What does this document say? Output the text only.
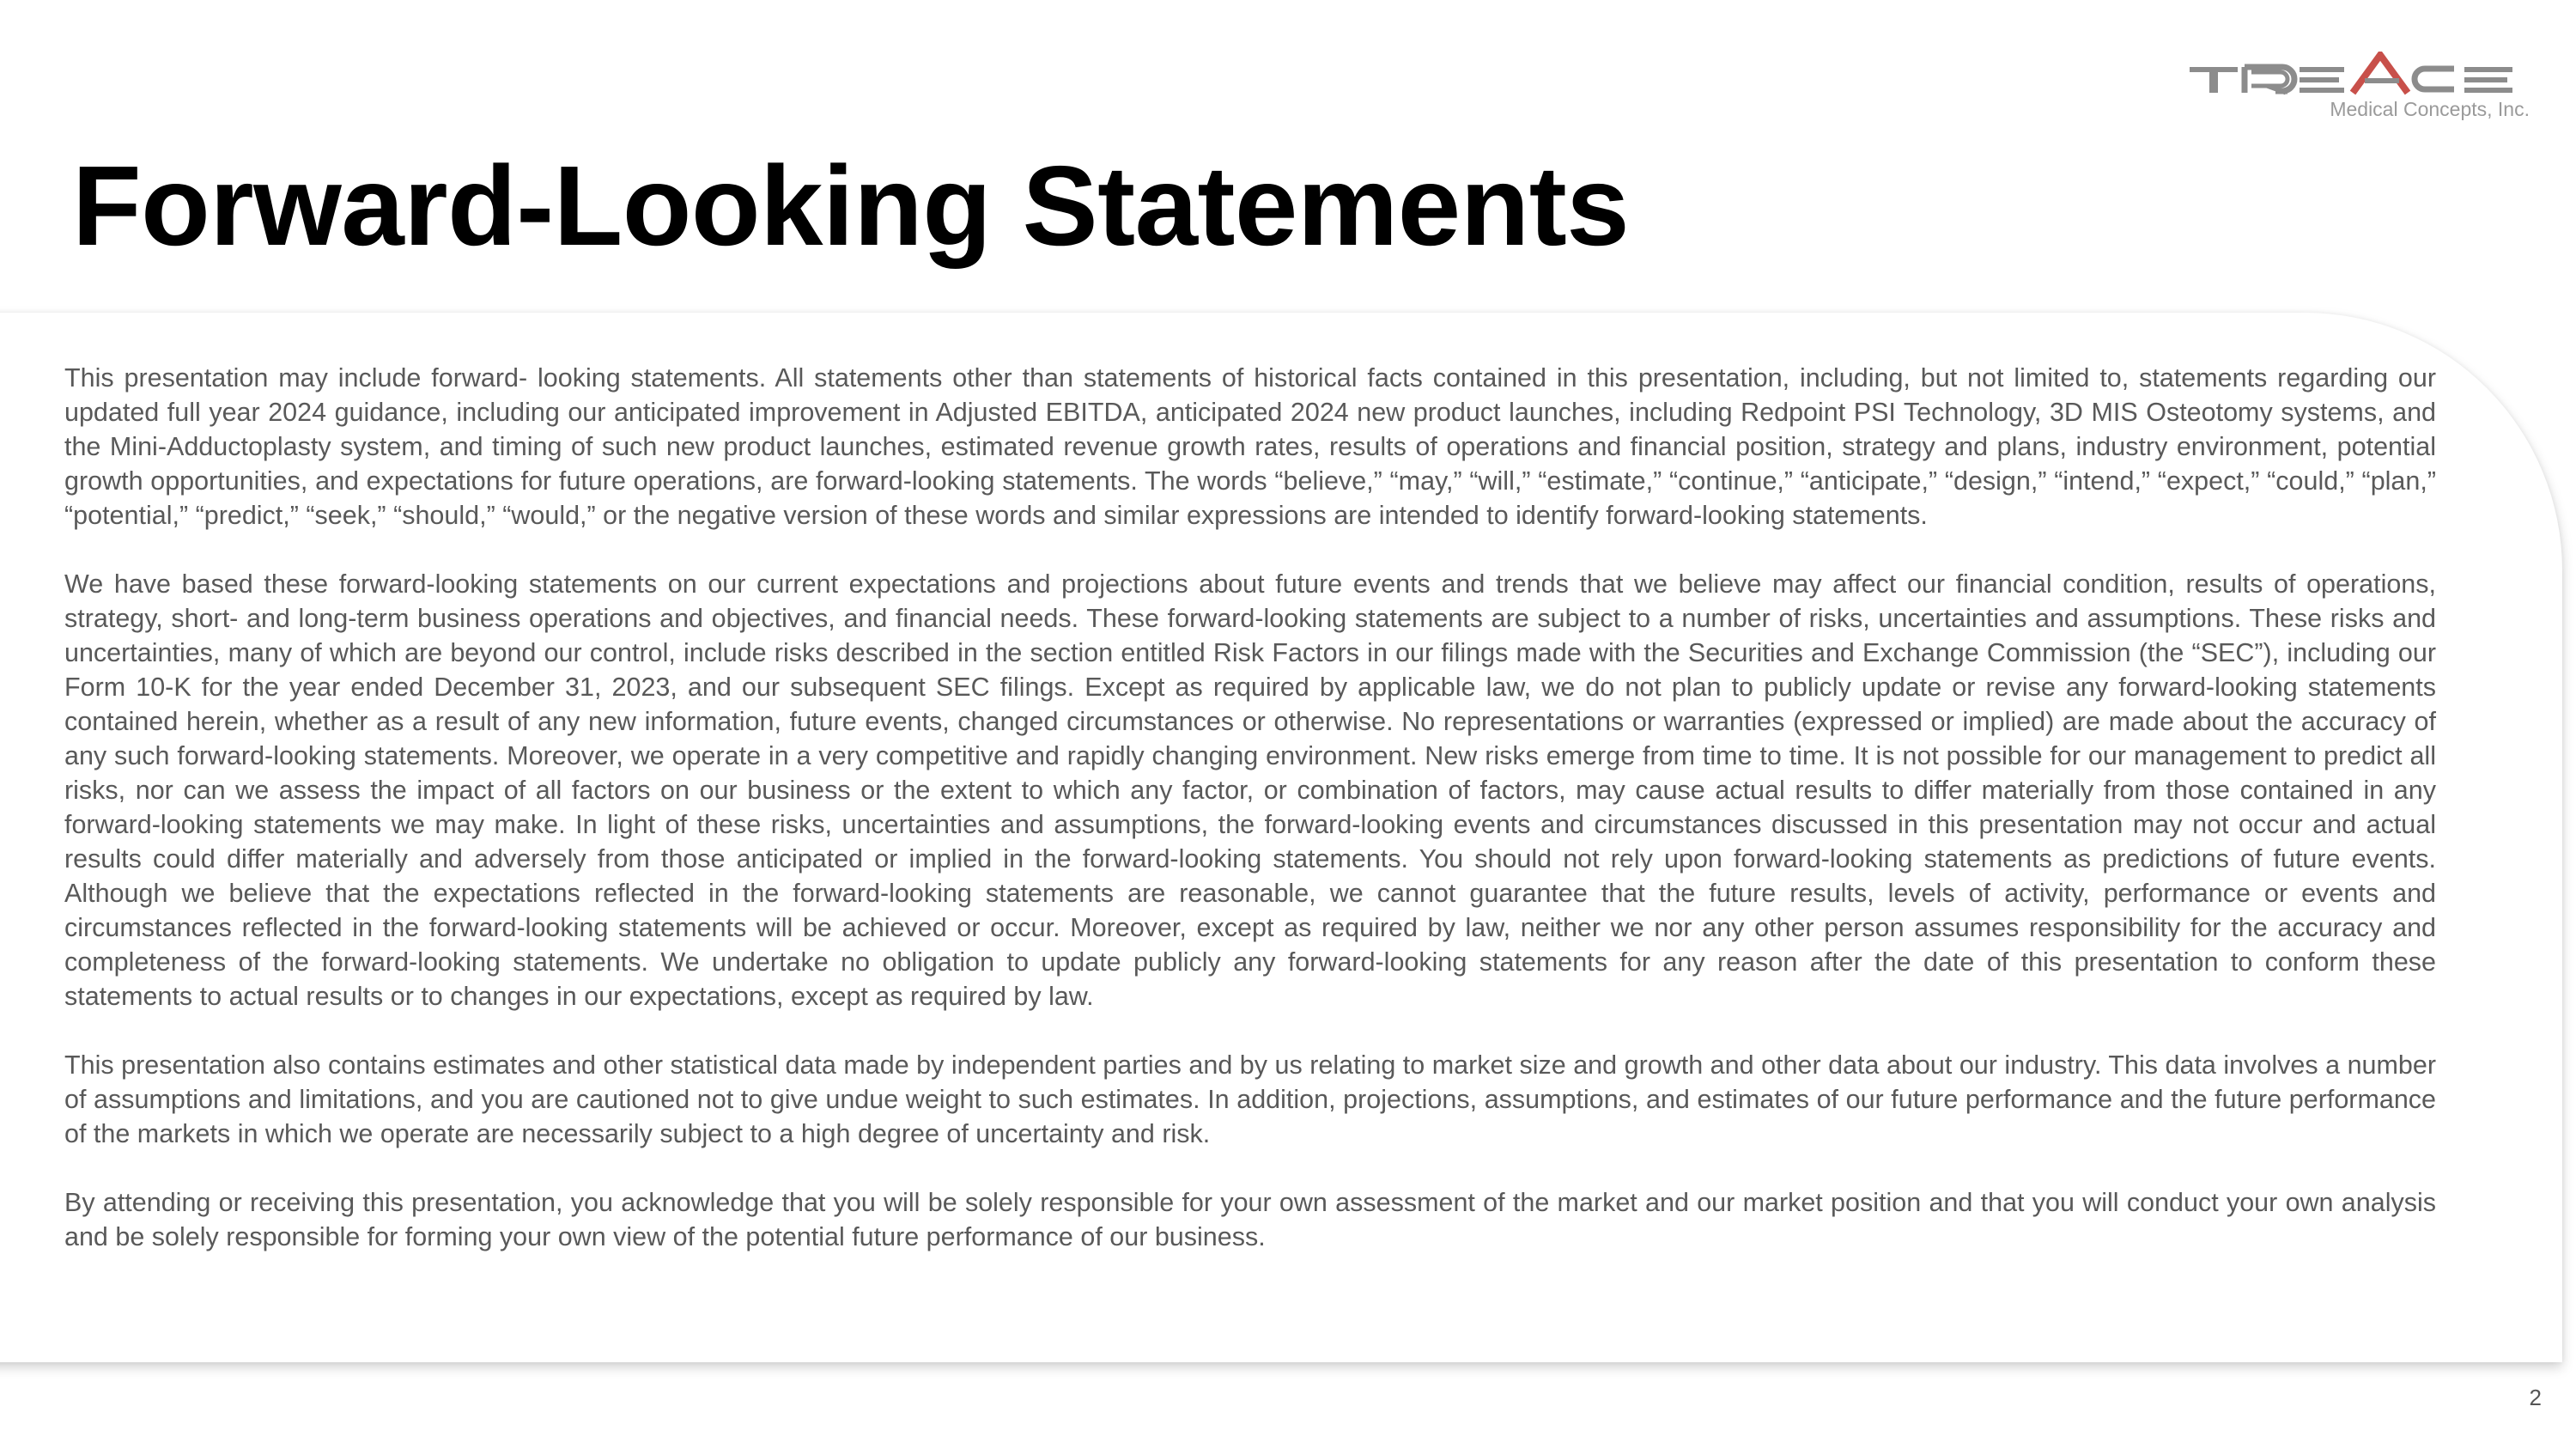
Medical Concepts, Inc.
Forward-Looking Statements

This presentation may include forward- looking statements. All statements other than statements of historical facts contained in this presentation, including, but not limited to, statements regarding our updated full year 2024 guidance, including our anticipated improvement in Adjusted EBITDA, anticipated 2024 new product launches, including Redpoint PSI Technology, 3D MIS Osteotomy systems, and the Mini-Adductoplasty system, and timing of such new product launches, estimated revenue growth rates, results of operations and financial position, strategy and plans, industry environment, potential growth opportunities, and expectations for future operations, are forward-looking statements. The words “believe,” “may,” “will,” “estimate,” “continue,” “anticipate,” “design,” “intend,” “expect,” “could,” “plan,” “potential,” “predict,” “seek,” “should,” “would,” or the negative version of these words and similar expressions are intended to identify forward-looking statements.

We have based these forward-looking statements on our current expectations and projections about future events and trends that we believe may affect our financial condition, results of operations, strategy, short- and long-term business operations and objectives, and financial needs. These forward-looking statements are subject to a number of risks, uncertainties and assumptions. These risks and uncertainties, many of which are beyond our control, include risks described in the section entitled Risk Factors in our filings made with the Securities and Exchange Commission (the “SEC”), including our Form 10-K for the year ended December 31, 2023, and our subsequent SEC filings. Except as required by applicable law, we do not plan to publicly update or revise any forward-looking statements contained herein, whether as a result of any new information, future events, changed circumstances or otherwise. No representations or warranties (expressed or implied) are made about the accuracy of any such forward-looking statements. Moreover, we operate in a very competitive and rapidly changing environment. New risks emerge from time to time. It is not possible for our management to predict all risks, nor can we assess the impact of all factors on our business or the extent to which any factor, or combination of factors, may cause actual results to differ materially from those contained in any forward-looking statements we may make. In light of these risks, uncertainties and assumptions, the forward-looking events and circumstances discussed in this presentation may not occur and actual results could differ materially and adversely from those anticipated or implied in the forward-looking statements. You should not rely upon forward-looking statements as predictions of future events. Although we believe that the expectations reflected in the forward-looking statements are reasonable, we cannot guarantee that the future results, levels of activity, performance or events and circumstances reflected in the forward-looking statements will be achieved or occur. Moreover, except as required by law, neither we nor any other person assumes responsibility for the accuracy and completeness of the forward-looking statements. We undertake no obligation to update publicly any forward-looking statements for any reason after the date of this presentation to conform these statements to actual results or to changes in our expectations, except as required by law.

This presentation also contains estimates and other statistical data made by independent parties and by us relating to market size and growth and other data about our industry. This data involves a number of assumptions and limitations, and you are cautioned not to give undue weight to such estimates. In addition, projections, assumptions, and estimates of our future performance and the future performance of the markets in which we operate are necessarily subject to a high degree of uncertainty and risk.

By attending or receiving this presentation, you acknowledge that you will be solely responsible for your own assessment of the market and our market position and that you will conduct your own analysis and be solely responsible for forming your own view of the potential future performance of our business.

2
